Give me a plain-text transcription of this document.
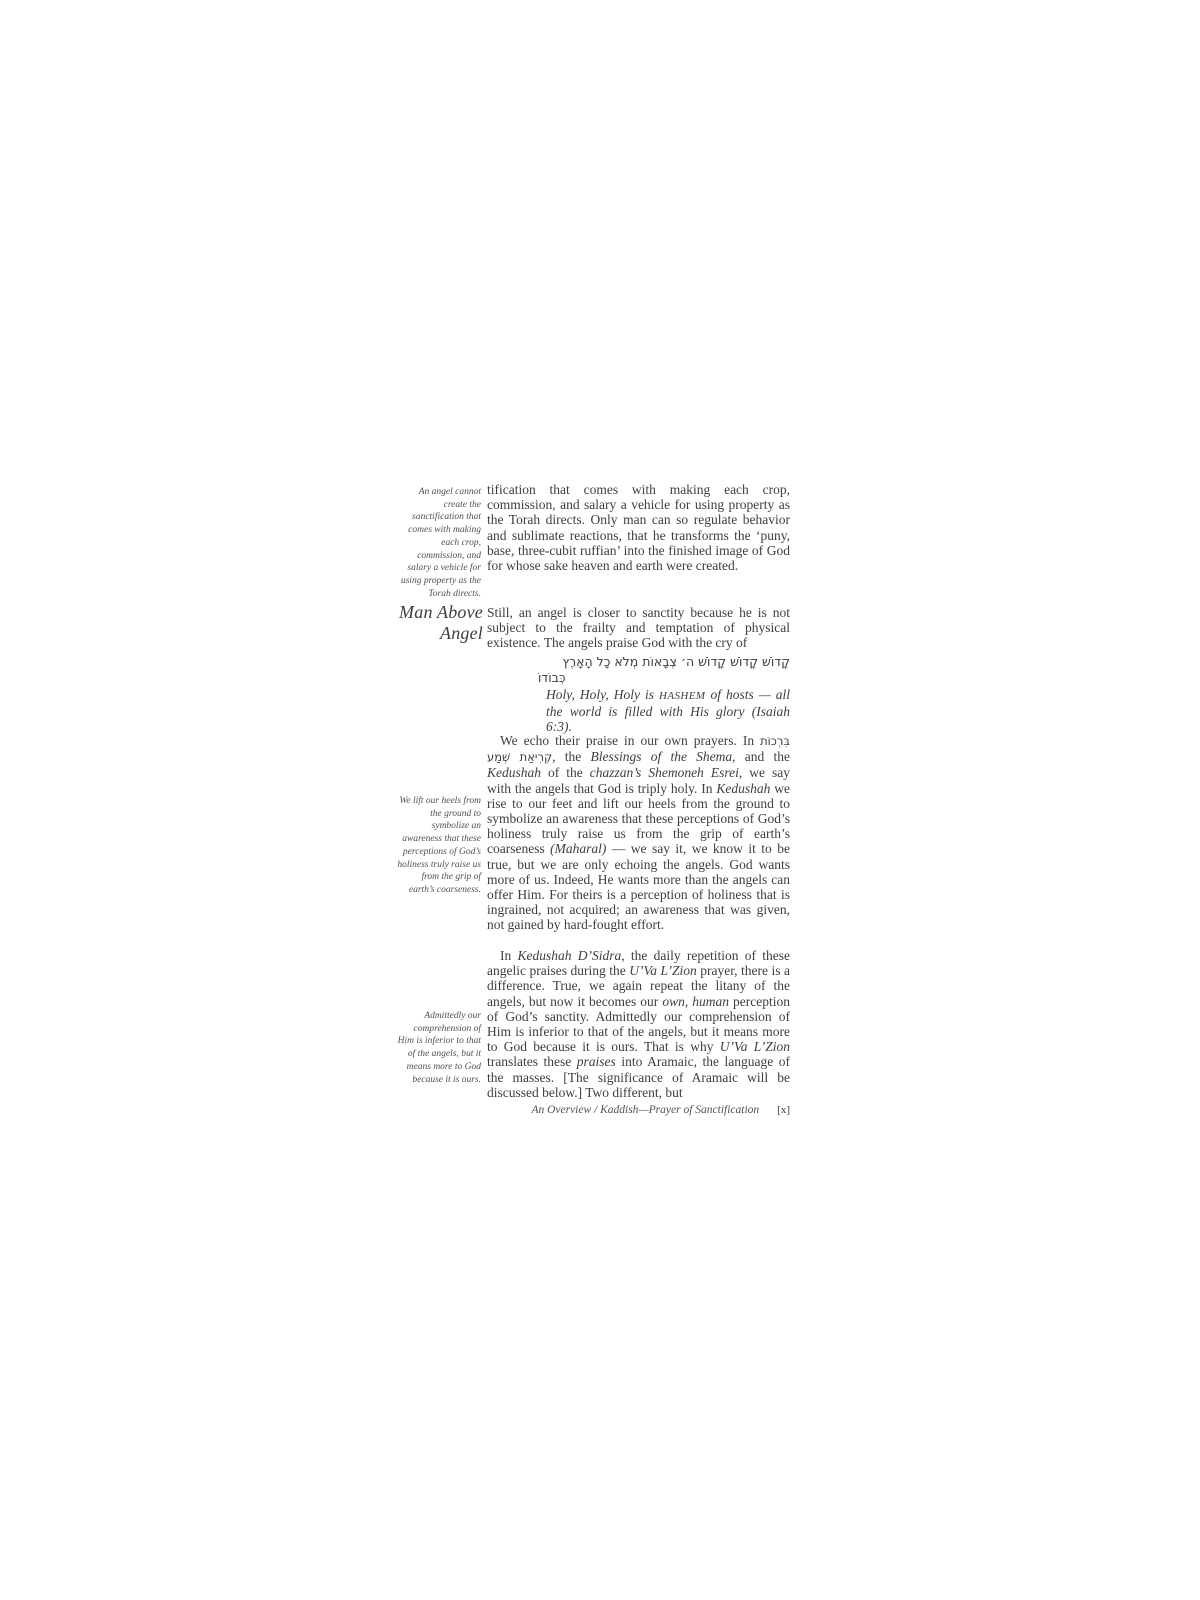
An angel cannot create the sanctification that comes with making each crop, commission, and salary a vehicle for using property as the Torah directs.

tification that comes with making each crop, commission, and salary a vehicle for using property as the Torah directs. Only man can so regulate behavior and sublimate reactions, that he transforms the ‘puny, base, three-cubit ruffian’ into the finished image of God for whose sake heaven and earth were created.

Man Above Angel

Still, an angel is closer to sanctity because he is not subject to the frailty and temptation of physical existence. The angels praise God with the cry of

קָדוֹשׁ קָדוֹשׁ קָדוֹשׁ ה׳ צְבָאוֹת מְלֹא כָל הָאָרֶץ
כְּבוֹדוֹ
Holy, Holy, Holy is HASHEM of hosts — all the world is filled with His glory (Isaiah 6:3).
We lift our heels from the ground to symbolize an awareness that these perceptions of God’s holiness truly raise us from the grip of earth’s coarseness.

We echo their praise in our own prayers. In בִּרְכוֹת קְרִיאַת שְׁמַע, the Blessings of the Shema, and the Kedushah of the chazzan’s Shemoneh Esrei, we say with the angels that God is triply holy. In Kedushah we rise to our feet and lift our heels from the ground to symbolize an awareness that these perceptions of God’s holiness truly raise us from the grip of earth’s coarseness (Maharal) — we say it, we know it to be true, but we are only echoing the angels. God wants more of us. Indeed, He wants more than the angels can offer Him. For theirs is a perception of holiness that is ingrained, not acquired; an awareness that was given, not gained by hard-fought effort.

Admittedly our comprehension of Him is inferior to that of the angels, but it means more to God because it is ours.

In Kedushah D’Sidra, the daily repetition of these angelic praises during the U’Va L’Zion prayer, there is a difference. True, we again repeat the litany of the angels, but now it becomes our own, human perception of God’s sanctity. Admittedly our comprehension of Him is inferior to that of the angels, but it means more to God because it is ours. That is why U’Va L’Zion translates these praises into Aramaic, the language of the masses. [The significance of Aramaic will be discussed below.] Two different, but

An Overview / Kaddish—Prayer of Sanctification [x]
